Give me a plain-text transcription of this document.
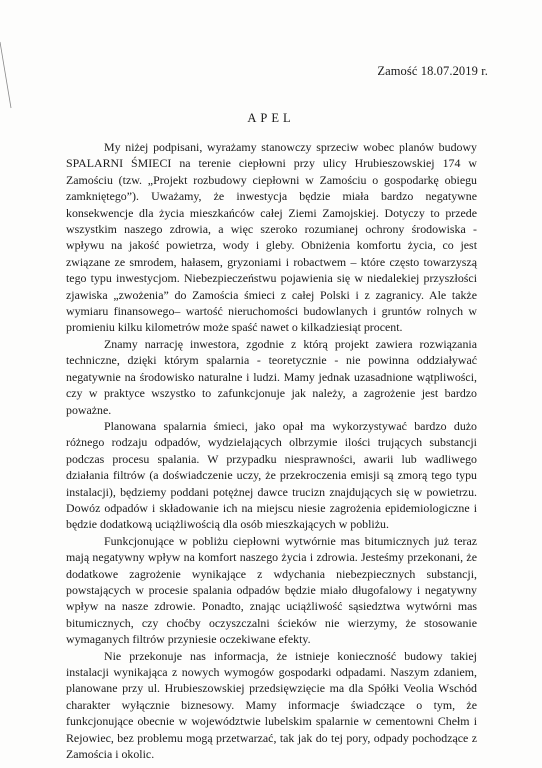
Zamość 18.07.2019 r.
APEL

My niżej podpisani, wyrażamy stanowczy sprzeciw wobec planów budowy SPALARNI ŚMIECI na terenie ciepłowni przy ulicy Hrubieszowskiej 174 w Zamościu (tzw. „Projekt rozbudowy ciepłowni w Zamościu o gospodarkę obiegu zamkniętego”). Uważamy, że inwestycja będzie miała bardzo negatywne konsekwencje dla życia mieszkańców całej Ziemi Zamojskiej. Dotyczy to przede wszystkim naszego zdrowia, a więc szeroko rozumianej ochrony środowiska - wpływu na jakość powietrza, wody i gleby. Obniżenia komfortu życia, co jest związane ze smrodem, hałasem, gryzoniami i robactwem – które często towarzyszą tego typu inwestycjom. Niebezpieczeństwu pojawienia się w niedalekiej przyszłości zjawiska „zwożenia” do Zamościa śmieci z całej Polski i z zagranicy. Ale także wymiaru finansowego– wartość nieruchomości budowlanych i gruntów rolnych w promieniu kilku kilometrów może spaść nawet o kilkadziesiąt procent.

Znamy narrację inwestora, zgodnie z którą projekt zawiera rozwiązania techniczne, dzięki którym spalarnia - teoretycznie - nie powinna oddziaływać negatywnie na środowisko naturalne i ludzi. Mamy jednak uzasadnione wątpliwości, czy w praktyce wszystko to zafunkcjonuje jak należy, a zagrożenie jest bardzo poważne.

Planowana spalarnia śmieci, jako opał ma wykorzystywać bardzo dużo różnego rodzaju odpadów, wydzielających olbrzymie ilości trujących substancji podczas procesu spalania. W przypadku niesprawności, awarii lub wadliwego działania filtrów (a doświadczenie uczy, że przekroczenia emisji są zmorą tego typu instalacji), będziemy poddani potężnej dawce trucizn znajdujących się w powietrzu. Dowóz odpadów i składowanie ich na miejscu niesie zagrożenia epidemiologiczne i będzie dodatkową uciążliwością dla osób mieszkających w pobliżu.

Funkcjonujące w pobliżu ciepłowni wytwórnie mas bitumicznych już teraz mają negatywny wpływ na komfort naszego życia i zdrowia. Jesteśmy przekonani, że dodatkowe zagrożenie wynikające z wdychania niebezpiecznych substancji, powstających w procesie spalania odpadów będzie miało długofalowy i negatywny wpływ na nasze zdrowie. Ponadto, znając uciążliwość sąsiedztwa wytwórni mas bitumicznych, czy choćby oczyszczalni ścieków nie wierzymy, że stosowanie wymaganych filtrów przyniesie oczekiwane efekty.

Nie przekonuje nas informacja, że istnieje konieczność budowy takiej instalacji wynikająca z nowych wymogów gospodarki odpadami. Naszym zdaniem, planowane przy ul. Hrubieszowskiej przedsięwzięcie ma dla Spółki Veolia Wschód charakter wyłącznie biznesowy. Mamy informacje świadczące o tym, że funkcjonujące obecnie w województwie lubelskim spalarnie w cementowni Chełm i Rejowiec, bez problemu mogą przetwarzać, tak jak do tej pory, odpady pochodzące z Zamościa i okolic.
